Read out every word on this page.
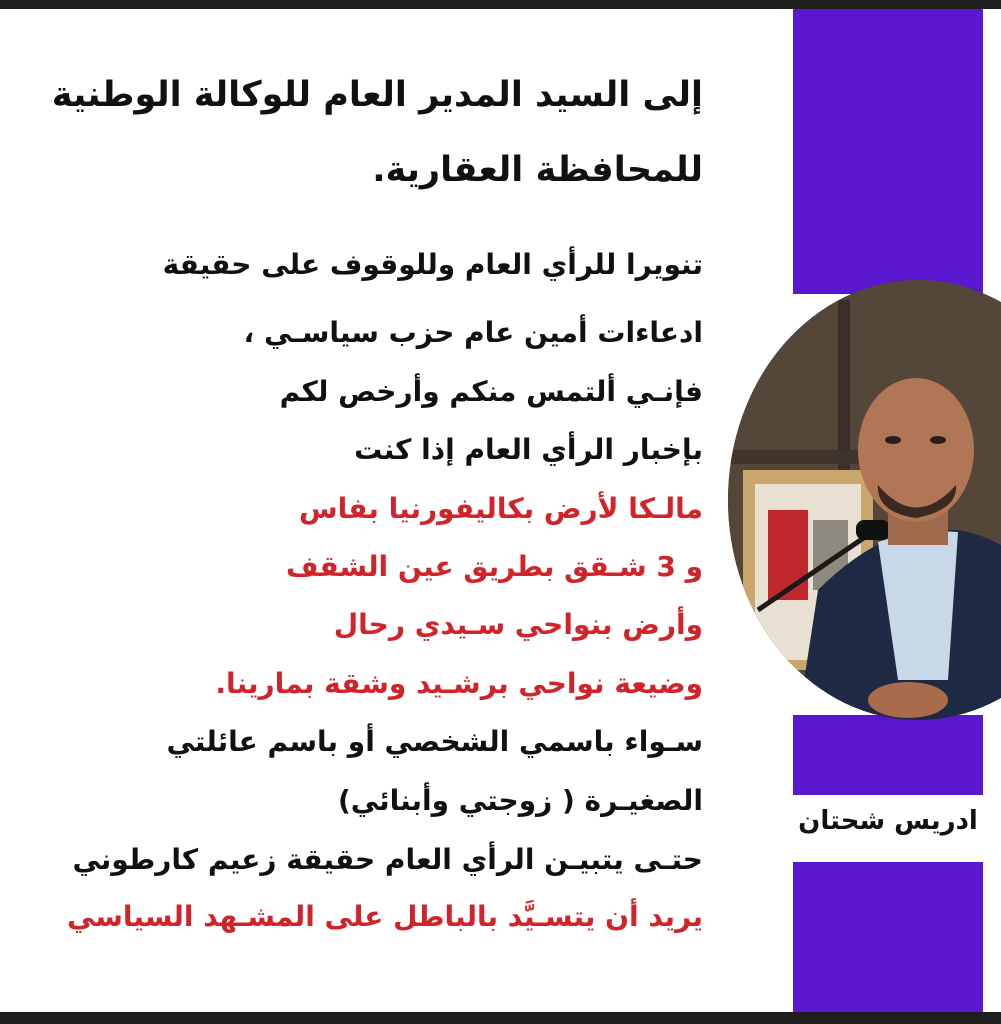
ادريس شحتان
إلى السيد المدير العام للوكالة الوطنية
للمحافظة العقارية.
تنويرا للرأي العام وللوقوف على حقيقة
ادعاءات أمين عام حزب سياسـي ،
فإنـي ألتمس منكم وأرخص لكم
بإخبار الرأي العام إذا كنت
مالـكا لأرض بكاليفورنيا بفاس
و 3 شـقق بطريق عين الشقف
وأرض بنواحي سـيدي رحال
وضيعة نواحي برشـيد وشقة بمارينا.
سـواء باسمي الشخصي أو باسم عائلتي
الصغيـرة ( زوجتي وأبنائي)
حتـى يتبيـن الرأي العام حقيقة زعيم كارطوني
يريد أن يتسـيَّد بالباطل على المشـهد السياسي
